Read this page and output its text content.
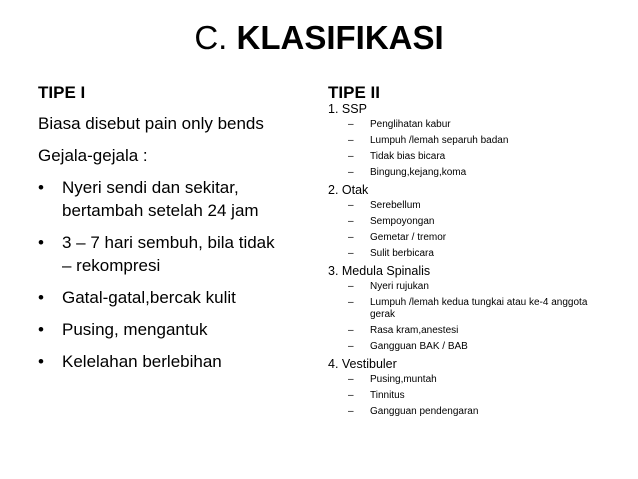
C. KLASIFIKASI
TIPE I	TIPE II
Biasa disebut pain only bends
Gejala-gejala :
• Nyeri sendi dan sekitar,
bertambah setelah 24 jam
• 3 – 7 hari sembuh, bila tidak
– rekompresi
• Gatal-gatal,bercak kulit
• Pusing, mengantuk
• Kelelahan berlebihan
1. SSP
– Penglihatan kabur
– Lumpuh /lemah separuh badan
– Tidak bias bicara
– Bingung,kejang,koma
2. Otak
– Serebellum
– Sempoyongan
– Gemetar / tremor
– Sulit berbicara
3. Medula Spinalis
– Nyeri rujukan
– Lumpuh /lemah kedua tungkai atau ke-4 anggota gerak
– Rasa kram,anestesi
– Gangguan BAK / BAB
4. Vestibuler
– Pusing,muntah
– Tinnitus
– Gangguan pendengaran
